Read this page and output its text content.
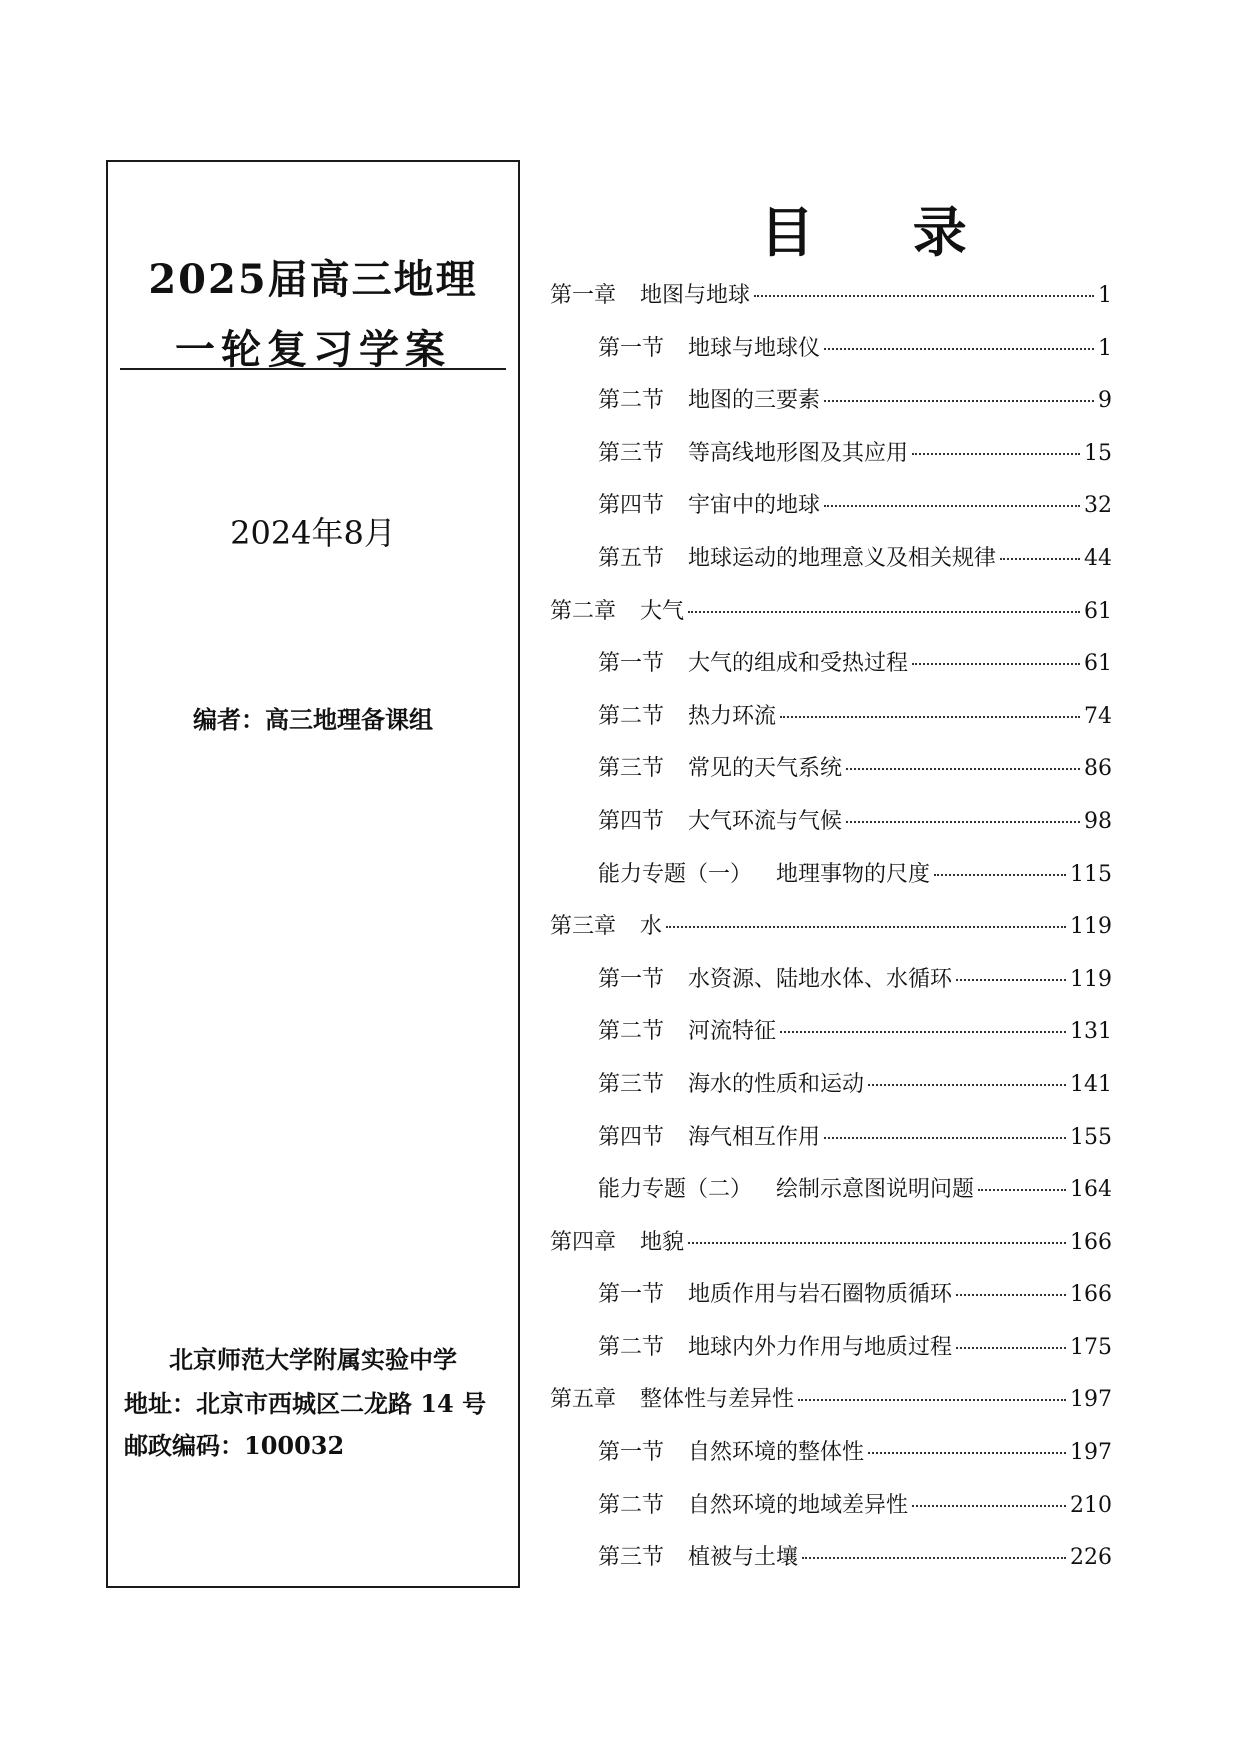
2025届高三地理
一轮复习学案
2024年8月
编者：高三地理备课组
北京师范大学附属实验中学
地址：北京市西城区二龙路 14 号
邮政编码：100032
目 录
第一章 地图与地球	1
第一节 地球与地球仪	1
第二节 地图的三要素	9
第三节 等高线地形图及其应用	15
第四节 宇宙中的地球	32
第五节 地球运动的地理意义及相关规律	44
第二章 大气	61
第一节 大气的组成和受热过程	61
第二节 热力环流	74
第三节 常见的天气系统	86
第四节 大气环流与气候	98
能力专题（一） 地理事物的尺度	115
第三章 水	119
第一节 水资源、陆地水体、水循环	119
第二节 河流特征	131
第三节 海水的性质和运动	141
第四节 海气相互作用	155
能力专题（二） 绘制示意图说明问题	164
第四章 地貌	166
第一节 地质作用与岩石圈物质循环	166
第二节 地球内外力作用与地质过程	175
第五章 整体性与差异性	197
第一节 自然环境的整体性	197
第二节 自然环境的地域差异性	210
第三节 植被与土壤	226
